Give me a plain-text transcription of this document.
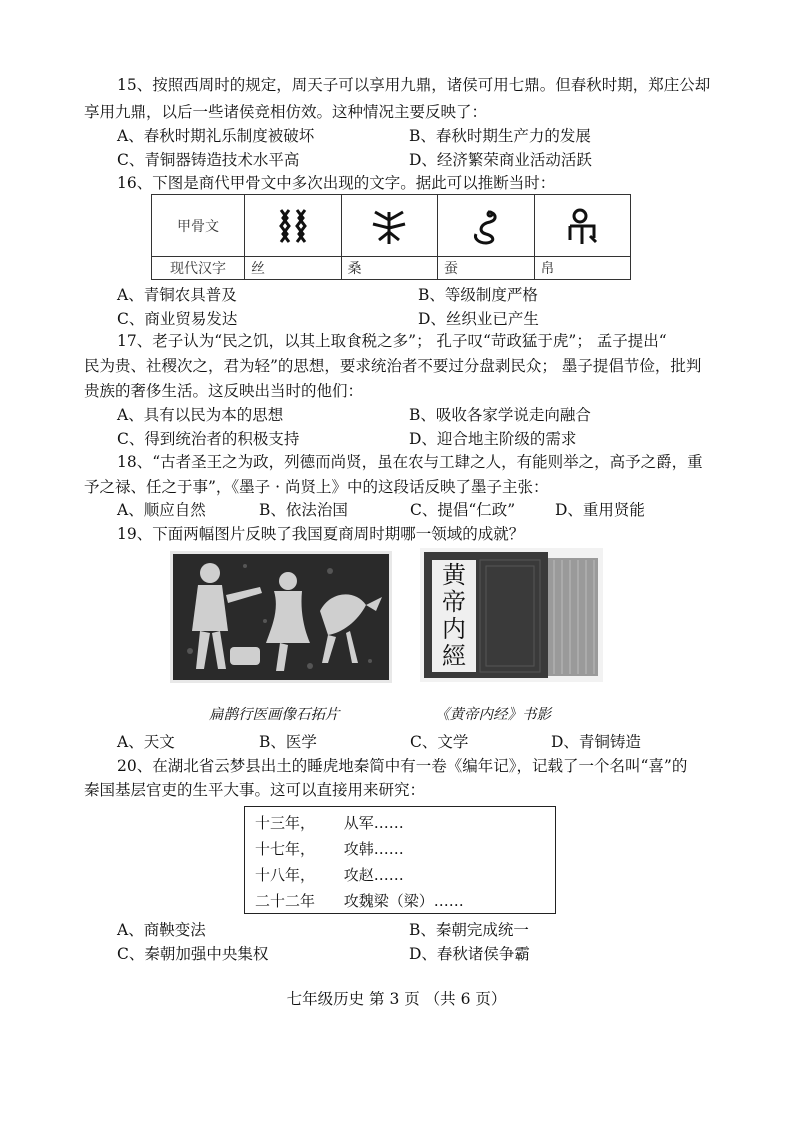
15、按照西周时的规定，周天子可以享用九鼎，诸侯可用七鼎。但春秋时期，郑庄公却
享用九鼎，以后一些诸侯竞相仿效。这种情况主要反映了：
A、春秋时期礼乐制度被破坏	B、春秋时期生产力的发展
C、青铜器铸造技术水平高	D、经济繁荣商业活动活跃
16、下图是商代甲骨文中多次出现的文字。据此可以推断当时：
甲骨文	

现代汉字	丝	桑	蚕	帛
A、青铜农具普及	B、等级制度严格
C、商业贸易发达	D、丝织业已产生
17、老子认为“民之饥，以其上取食税之多”； 孔子叹“苛政猛于虎”； 孟子提出“
民为贵、社稷次之，君为轻”的思想，要求统治者不要过分盘剥民众； 墨子提倡节俭，批判
贵族的奢侈生活。这反映出当时的他们：
A、具有以民为本的思想	B、吸收各家学说走向融合
C、得到统治者的积极支持	D、迎合地主阶级的需求
18、“古者圣王之为政，列德而尚贤，虽在农与工肆之人，有能则举之，高予之爵，重
予之禄、任之于事”，《墨子 · 尚贤上》中的这段话反映了墨子主张：
A、顺应自然	B、依法治国	C、提倡“仁政”	D、重用贤能
19、下面两幅图片反映了我国夏商周时期哪一领域的成就？
黄
帝
内
經
扁鹊行医画像石拓片	《黄帝内经》书影
A、天文	B、医学	C、文学	D、青铜铸造
20、在湖北省云梦县出土的睡虎地秦简中有一卷《编年记》，记载了一个名叫“喜”的
秦国基层官吏的生平大事。这可以直接用来研究：
十三年， 从军……
十七年， 攻韩……
十八年， 攻赵……
二十二年 攻魏梁（梁）……
A、商鞅变法	B、秦朝完成统一
C、秦朝加强中央集权	D、春秋诸侯争霸
七年级历史 第 3 页 （共 6 页）
